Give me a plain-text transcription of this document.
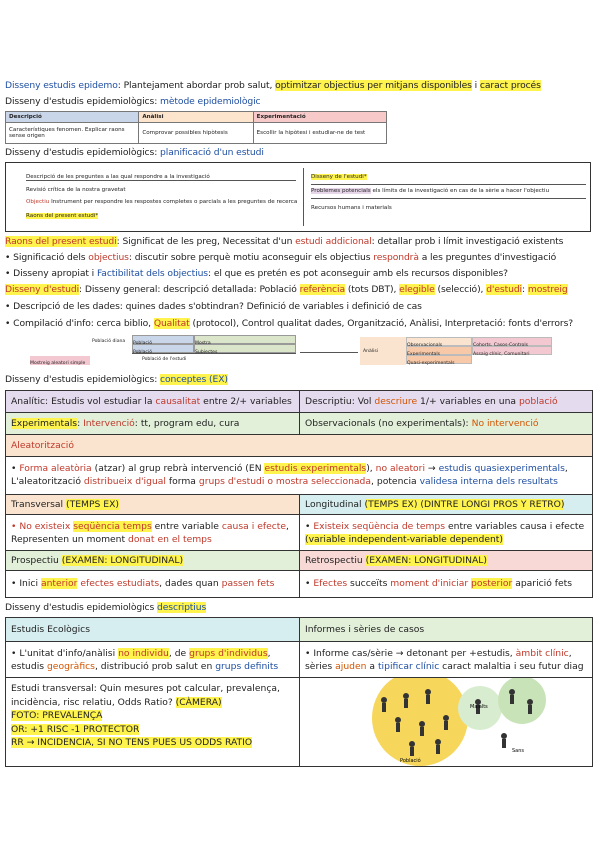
Disseny estudis epidemo: Plantejament abordar prob salut, optimitzar objectius per mitjans disponibles i caract procés
Disseny d'estudis epidemiològics: mètode epidemiològic
Descripció	Anàlisi	Experimentació
Característiques fenomen. Explicar raons sense origen	Comprovar possibles hipòtesis	Escollir la hipòtesi i estudiar-ne de test
Disseny d'estudis epidemiològics: planificació d'un estudi
Descripció de les preguntes a las qual respondre a la investigació
Revisió crítica de la nostra gravetat
Objectiu Instrument per respondre les respostes completes o parcials a les preguntes de recerca
Raons del present estudi*
Disseny de l'estudi*
Problemes potencials els límits de la investigació en cas de la sèrie a hacer l'objectiu
Recursos humans i materials
Raons del present estudi: Significat de les preg, Necessitat d'un estudi addicional: detallar prob i límit investigació existents
• Significació dels objectius: discutir sobre perquè motiu aconseguir els objectius respondrà a les preguntes d'investigació
• Disseny apropiat i Factibilitat dels objectius: el que es pretén es pot aconseguir amb els recursos disponibles?
Disseny d'estudi: Disseny general: descripció detallada: Població referència (tots DBT), elegible (selecció), d'estudi: mostreig
• Descripció de les dades: quines dades s'obtindran? Definició de variables i definició de cas
• Compilació d'info: cerca biblio, Qualitat (protocol), Control qualitat dades, Organització, Anàlisi, Interpretació: fonts d'errors?
Població diana
Mostreig aleatori simple
Població de l'estudi
Anàlisi
Quasi-experimentals
Assaig clínic, Comunitari
Disseny d'estudis epidemiològics: conceptes (EX)
Analític: Estudis vol estudiar la causalitat entre 2/+ variables	Descriptiu: Vol descriure 1/+ variables en una població
Experimentals: Intervenció: tt, program edu, cura	Observacionals (no experimentals): No intervenció
Aleatorització
• Forma aleatòria (atzar) al grup rebrà intervenció (EN estudis experimentals), no aleatori → estudis quasiexperimentals,
L'aleatorització distribueix d'igual forma grups d'estudi o mostra seleccionada, potencia validesa interna dels resultats
Transversal (TEMPS EX)	Longitudinal (TEMPS EX) (DINTRE LONGI PROS Y RETRO)
• No existeix seqüència temps entre variable causa i efecte,
Representen un moment donat en el temps
• Existeix seqüència de temps entre variables causa i efecte
(variable independent-variable dependent)
Prospectiu (EXAMEN: LONGITUDINAL)	Retrospectiu (EXAMEN: LONGITUDINAL)
• Inici anterior efectes estudiats, dades quan passen fets	• Efectes succeïts moment d'iniciar posterior aparició fets
Disseny d'estudis epidemiològics descriptius
Estudis Ecològics	Informes i sèries de casos
• L'unitat d'info/anàlisi no individu, de grups d'individus,
estudis geogràfics, distribució prob salut en grups definits
• Informe cas/sèrie → detonant per +estudis, àmbit clínic,
sèries ajuden a tipificar clínic caract malaltia i seu futur diag
Estudi transversal: Quin mesures pot calcular, prevalença,
incidència, risc relatiu, Odds Ratio? (CÀMERA)
FOTO: PREVALENÇA
OR: +1 RISC -1 PROTECTOR
RR → INCIDENCIA, SI NO TENS PUES US ODDS RATIO
Malalts
Població
Sans
